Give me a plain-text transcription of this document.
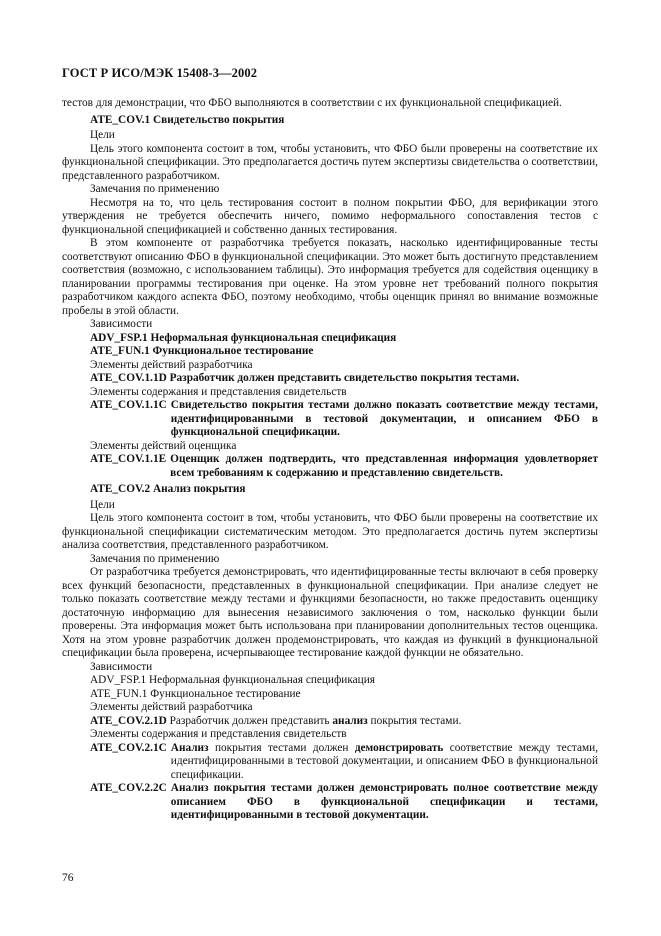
ГОСТ Р ИСО/МЭК 15408-3—2002

тестов для демонстрации, что ФБО выполняются в соответствии с их функциональной спецификацией.

ATE_COV.1 Свидетельство покрытия

Цели

Цель этого компонента состоит в том, чтобы установить, что ФБО были проверены на соответствие их функциональной спецификации. Это предполагается достичь путем экспертизы свидетельства о соответствии, представленного разработчиком.

Замечания по применению

Несмотря на то, что цель тестирования состоит в полном покрытии ФБО, для верификации этого утверждения не требуется обеспечить ничего, помимо неформального сопоставления тестов с функциональной спецификацией и собственно данных тестирования.

В этом компоненте от разработчика требуется показать, насколько идентифицированные тесты соответствуют описанию ФБО в функциональной спецификации. Это может быть достигнуто представлением соответствия (возможно, с использованием таблицы). Это информация требуется для содействия оценщику в планировании программы тестирования при оценке. На этом уровне нет требований полного покрытия разработчиком каждого аспекта ФБО, поэтому необходимо, чтобы оценщик принял во внимание возможные пробелы в этой области.

Зависимости

ADV_FSP.1 Неформальная функциональная спецификация

ATE_FUN.1 Функциональное тестирование

Элементы действий разработчика

ATE_COV.1.1D Разработчик должен представить свидетельство покрытия тестами.

Элементы содержания и представления свидетельств

ATE_COV.1.1C Свидетельство покрытия тестами должно показать соответствие между тестами, идентифицированными в тестовой документации, и описанием ФБО в функциональной спецификации.

Элементы действий оценщика

ATE_COV.1.1E Оценщик должен подтвердить, что представленная информация удовлетворяет всем требованиям к содержанию и представлению свидетельств.

ATE_COV.2 Анализ покрытия

Цели

Цель этого компонента состоит в том, чтобы установить, что ФБО были проверены на соответствие их функциональной спецификации систематическим методом. Это предполагается достичь путем экспертизы анализа соответствия, представленного разработчиком.

Замечания по применению

От разработчика требуется демонстрировать, что идентифицированные тесты включают в себя проверку всех функций безопасности, представленных в функциональной спецификации. При анализе следует не только показать соответствие между тестами и функциями безопасности, но также предоставить оценщику достаточную информацию для вынесения независимого заключения о том, насколько функции были проверены. Эта информация может быть использована при планировании дополнительных тестов оценщика. Хотя на этом уровне разработчик должен продемонстрировать, что каждая из функций в функциональной спецификации была проверена, исчерпывающее тестирование каждой функции не обязательно.

Зависимости

ADV_FSP.1 Неформальная функциональная спецификация

ATE_FUN.1 Функциональное тестирование

Элементы действий разработчика

ATE_COV.2.1D Разработчик должен представить анализ покрытия тестами.

Элементы содержания и представления свидетельств

ATE_COV.2.1C Анализ покрытия тестами должен демонстрировать соответствие между тестами, идентифицированными в тестовой документации, и описанием ФБО в функциональной спецификации.
ATE_COV.2.2C Анализ покрытия тестами должен демонстрировать полное соответствие между описанием ФБО в функциональной спецификации и тестами, идентифицированными в тестовой документации.
76
